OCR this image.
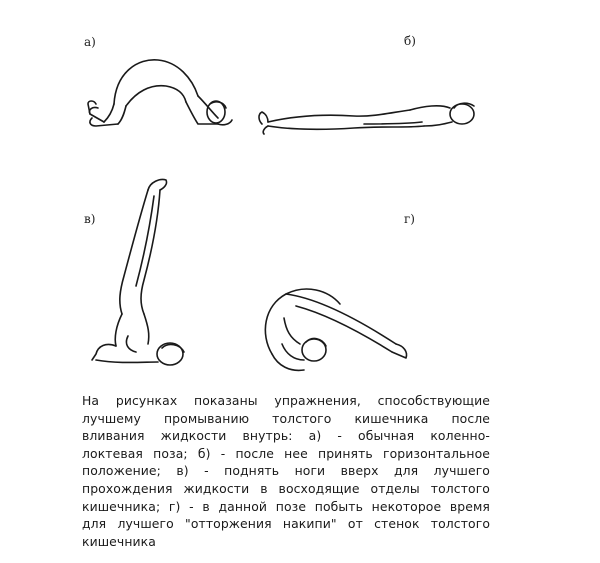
а)	б)
в)	г)
На рисунках показаны упражнения, способствующие
лучшему промыванию толстого кишечника после
вливания жидкости внутрь: а) - обычная коленно-
локтевая поза; б) - после нее принять горизонтальное
положение; в) - поднять ноги вверх для лучшего
прохождения жидкости в восходящие отделы толстого
кишечника; г) - в данной позе побыть некоторое время
для лучшего "отторжения накипи" от стенок толстого
кишечника
